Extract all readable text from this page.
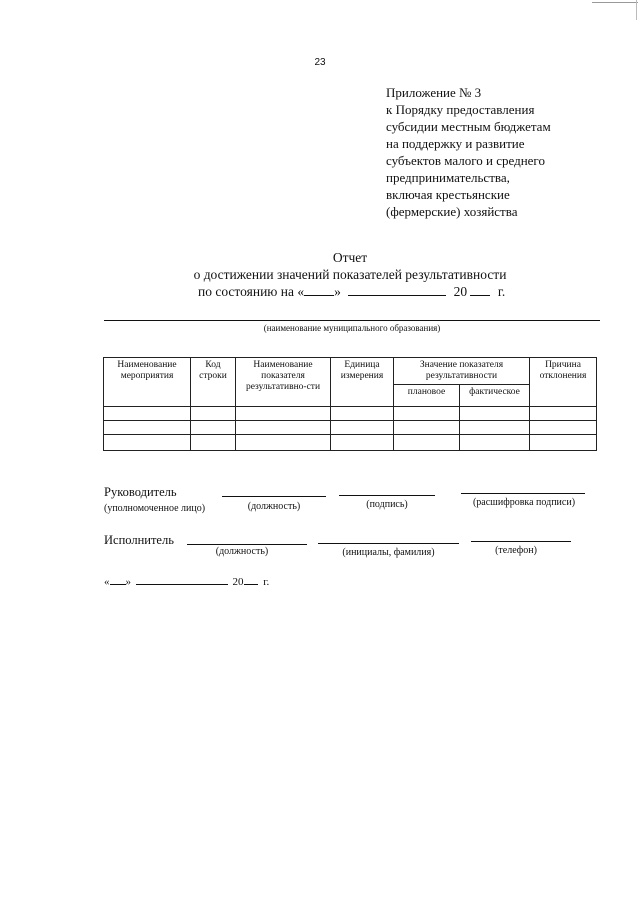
23
Приложение № 3
к Порядку предоставления
субсидии местным бюджетам
на поддержку и развитие
субъектов малого и среднего
предпринимательства,
включая крестьянские
(фермерские) хозяйства
Отчет
о достижении значений показателей результативности
по состоянию на « »	20 г.
(наименование муниципального образования)
Наименование мероприятия	Код строки	Наименование показателя результативно-сти	Единица измерения	Значение показателя результативности		Причина отклонения
				плановое	фактическое	

Руководитель
(уполномоченное лицо)	(должность)	(подпись)	(расшифровка подписи)
Исполнитель
(должность)	(инициалы, фамилия)	(телефон)
« »	20 г.
